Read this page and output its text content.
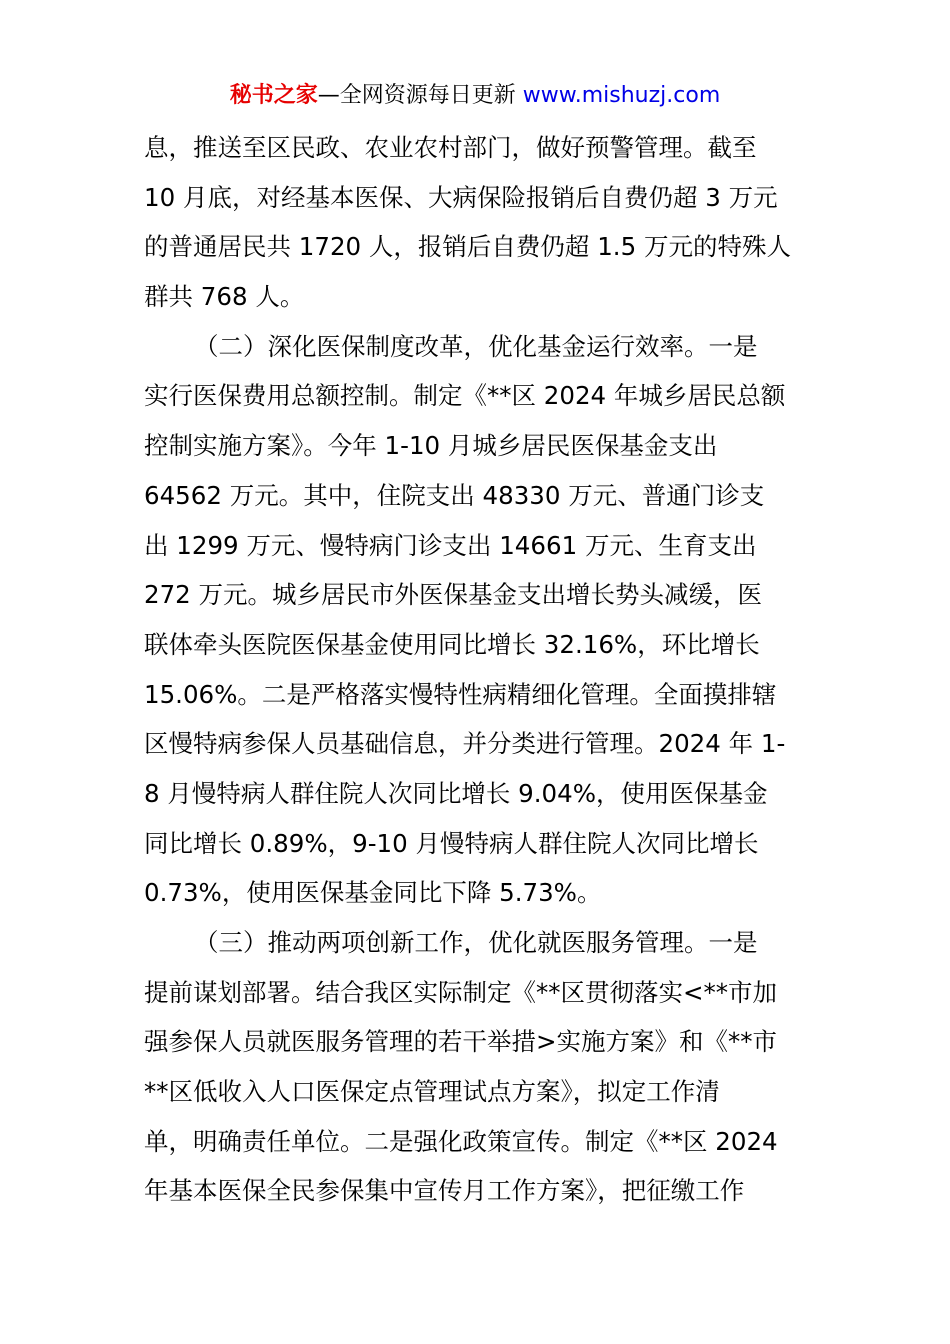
秘书之家—全网资源每日更新 www.mishuzj.com
息，推送至区民政、农业农村部门，做好预警管理。截至
10 月底，对经基本医保、大病保险报销后自费仍超 3 万元
的普通居民共 1720 人，报销后自费仍超 1.5 万元的特殊人
群共 768 人。
（二）深化医保制度改革，优化基金运行效率。一是
实行医保费用总额控制。制定《**区 2024 年城乡居民总额
控制实施方案》。今年 1-10 月城乡居民医保基金支出
64562 万元。其中，住院支出 48330 万元、普通门诊支
出 1299 万元、慢特病门诊支出 14661 万元、生育支出
272 万元。城乡居民市外医保基金支出增长势头减缓，医
联体牵头医院医保基金使用同比增长 32.16%，环比增长
15.06%。二是严格落实慢特性病精细化管理。全面摸排辖
区慢特病参保人员基础信息，并分类进行管理。2024 年 1-
8 月慢特病人群住院人次同比增长 9.04%，使用医保基金
同比增长 0.89%，9-10 月慢特病人群住院人次同比增长
0.73%，使用医保基金同比下降 5.73%。
（三）推动两项创新工作，优化就医服务管理。一是
提前谋划部署。结合我区实际制定《**区贯彻落实<**市加
强参保人员就医服务管理的若干举措>实施方案》和《**市
**区低收入人口医保定点管理试点方案》，拟定工作清
单，明确责任单位。二是强化政策宣传。制定《**区 2024
年基本医保全民参保集中宣传月工作方案》，把征缴工作
